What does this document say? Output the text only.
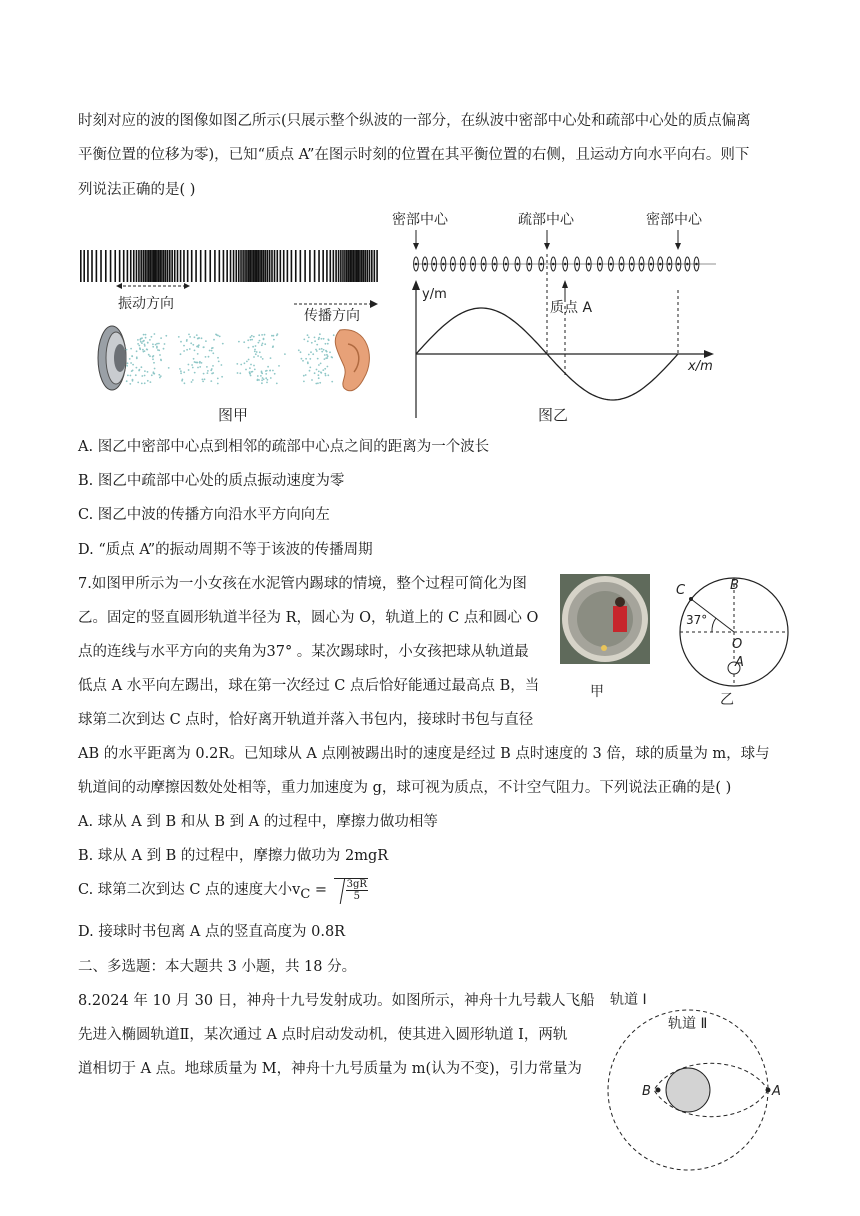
时刻对应的波的图像如图乙所示(只展示整个纵波的一部分，在纵波中密部中心处和疏部中心处的质点偏离
平衡位置的位移为零)，已知“质点 A”在图示时刻的位置在其平衡位置的右侧，且运动方向水平向右。则下
列说法正确的是( )
振动方向
传播方向
图甲
密部中心	疏部中心	密部中心
y/m
x/m
质点 A
图乙
A. 图乙中密部中心点到相邻的疏部中心点之间的距离为一个波长
B. 图乙中疏部中心处的质点振动速度为零
C. 图乙中波的传播方向沿水平方向向左
D. “质点 A”的振动周期不等于该波的传播周期
7.如图甲所示为一小女孩在水泥管内踢球的情境，整个过程可简化为图
乙。固定的竖直圆形轨道半径为 R，圆心为 O，轨道上的 C 点和圆心 O
点的连线与水平方向的夹角为37° 。某次踢球时，小女孩把球从轨道最
低点 A 水平向左踢出，球在第一次经过 C 点后恰好能通过最高点 B，当
球第二次到达 C 点时，恰好离开轨道并落入书包内，接球时书包与直径
AB 的水平距离为 0.2R。已知球从 A 点刚被踢出时的速度是经过 B 点时速度的 3 倍，球的质量为 m，球与
轨道间的动摩擦因数处处相等，重力加速度为 g，球可视为质点，不计空气阻力。下列说法正确的是( )
甲
C	B
O
A
37°
乙
A. 球从 A 到 B 和从 B 到 A 的过程中，摩擦力做功相等
B. 球从 A 到 B 的过程中，摩擦力做功为 2mgR
C. 球第二次到达 C 点的速度大小$v_C = \frac{3gR}{5}$
D. 接球时书包离 A 点的竖直高度为 0.8R
二、多选题：本大题共 3 小题，共 18 分。
8.2024 年 10 月 30 日，神舟十九号发射成功。如图所示，神舟十九号载人飞船
先进入椭圆轨道Ⅱ，某次通过 A 点时启动发动机，使其进入圆形轨道 Ⅰ，两轨
道相切于 A 点。地球质量为 M，神舟十九号质量为 m(认为不变)，引力常量为
轨道 I
轨道 Ⅱ
B	A
